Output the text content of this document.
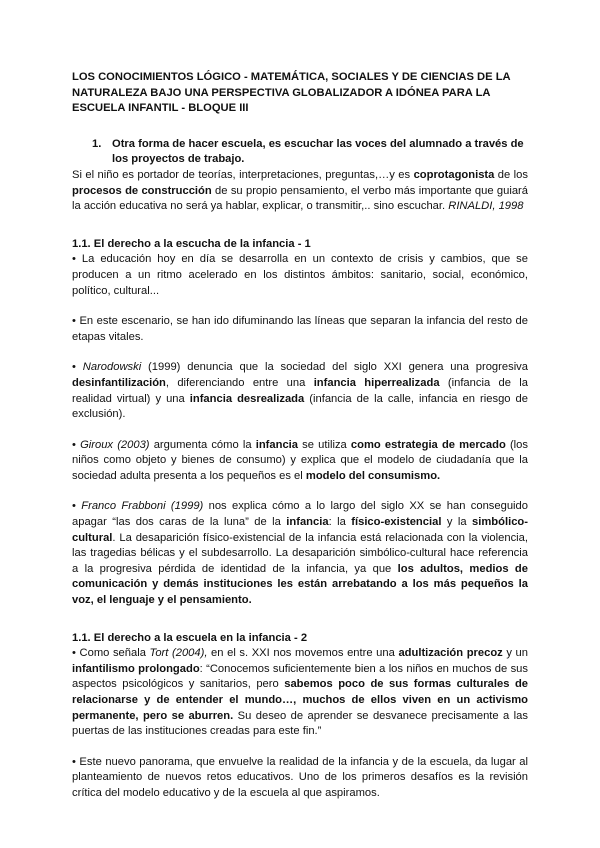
LOS CONOCIMIENTOS LÓGICO - MATEMÁTICA, SOCIALES Y DE CIENCIAS DE LA NATURALEZA BAJO UNA PERSPECTIVA GLOBALIZADOR A IDÓNEA PARA LA ESCUELA INFANTIL - BLOQUE III
1. Otra forma de hacer escuela, es escuchar las voces del alumnado a través de los proyectos de trabajo.

Si el niño es portador de teorías, interpretaciones, preguntas,…y es coprotagonista de los procesos de construcción de su propio pensamiento, el verbo más importante que guiará la acción educativa no será ya hablar, explicar, o transmitir,.. sino escuchar. RINALDI, 1998

1.1. El derecho a la escucha de la infancia - 1

• La educación hoy en día se desarrolla en un contexto de crisis y cambios, que se producen a un ritmo acelerado en los distintos ámbitos: sanitario, social, económico, político, cultural...

• En este escenario, se han ido difuminando las líneas que separan la infancia del resto de etapas vitales.

• Narodowski (1999) denuncia que la sociedad del siglo XXI genera una progresiva desinfantilización, diferenciando entre una infancia hiperrealizada (infancia de la realidad virtual) y una infancia desrealizada (infancia de la calle, infancia en riesgo de exclusión).

• Giroux (2003) argumenta cómo la infancia se utiliza como estrategia de mercado (los niños como objeto y bienes de consumo) y explica que el modelo de ciudadanía que la sociedad adulta presenta a los pequeños es el modelo del consumismo.

• Franco Frabboni (1999) nos explica cómo a lo largo del siglo XX se han conseguido apagar “las dos caras de la luna” de la infancia: la físico-existencial y la simbólico-cultural. La desaparición físico-existencial de la infancia está relacionada con la violencia, las tragedias bélicas y el subdesarrollo. La desaparición simbólico-cultural hace referencia a la progresiva pérdida de identidad de la infancia, ya que los adultos, medios de comunicación y demás instituciones les están arrebatando a los más pequeños la voz, el lenguaje y el pensamiento.

1.1. El derecho a la escuela en la infancia - 2

• Como señala Tort (2004), en el s. XXI nos movemos entre una adultización precoz y un infantilismo prolongado: “Conocemos suficientemente bien a los niños en muchos de sus aspectos psicológicos y sanitarios, pero sabemos poco de sus formas culturales de relacionarse y de entender el mundo…, muchos de ellos viven en un activismo permanente, pero se aburren. Su deseo de aprender se desvanece precisamente a las puertas de las instituciones creadas para este fin.”

• Este nuevo panorama, que envuelve la realidad de la infancia y de la escuela, da lugar al planteamiento de nuevos retos educativos. Uno de los primeros desafíos es la revisión crítica del modelo educativo y de la escuela al que aspiramos.
